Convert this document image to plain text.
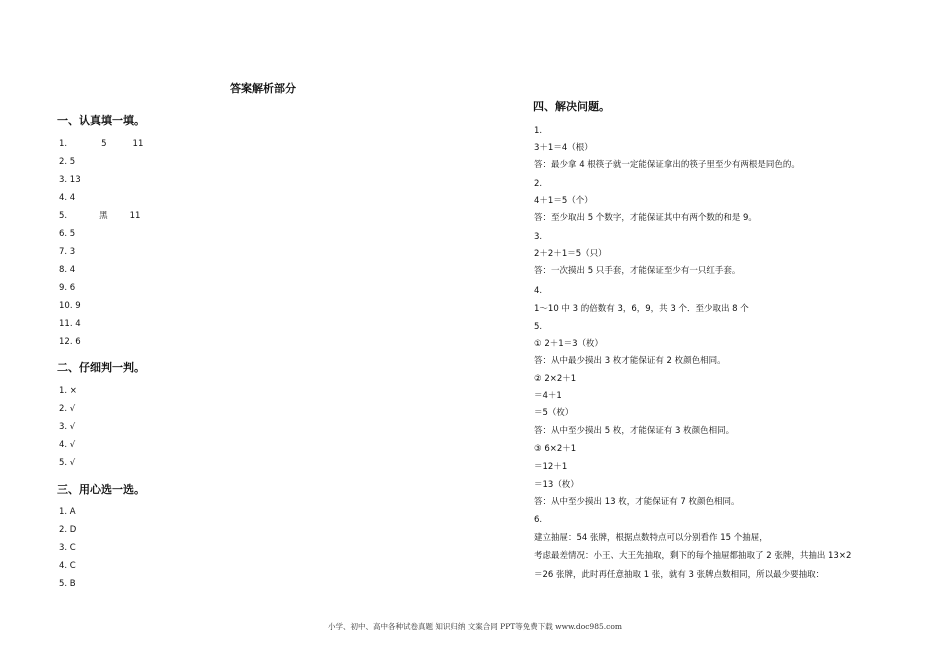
答案解析部分
一、认真填一填。
1.	5	11
2. 5
3. 13
4. 4
5.	黑	11
6. 5
7. 3
8. 4
9. 6
10. 9
11. 4
12. 6
二、仔细判一判。
1. ×
2. √
3. √
4. √
5. √
三、用心选一选。
1. A
2. D
3. C
4. C
5. B
四、解决问题。
1.
3＋1＝4（根）
答：最少拿 4 根筷子就一定能保证拿出的筷子里至少有两根是同色的。
2.
4＋1＝5（个）
答：至少取出 5 个数字，才能保证其中有两个数的和是 9。
3.
2＋2＋1＝5（只）
答：一次摸出 5 只手套，才能保证至少有一只红手套。
4.
1～10 中 3 的倍数有 3，6，9，共 3 个．至少取出 8 个
5.
① 2＋1＝3（枚）
答：从中最少摸出 3 枚才能保证有 2 枚颜色相同。
② 2×2＋1
＝4＋1
＝5（枚）
答：从中至少摸出 5 枚，才能保证有 3 枚颜色相同。
③ 6×2＋1
＝12＋1
＝13（枚）
答：从中至少摸出 13 枚，才能保证有 7 枚颜色相同。
6.
建立抽屉：54 张牌，根据点数特点可以分别看作 15 个抽屉，
考虑最差情况：小王、大王先抽取，剩下的每个抽屉都抽取了 2 张牌，共抽出 13×2
＝26 张牌，此时再任意抽取 1 张，就有 3 张牌点数相同，所以最少要抽取：
小学、初中、高中各种试卷真题 知识归纳 文案合同 PPT等免费下载 www.doc985.com
